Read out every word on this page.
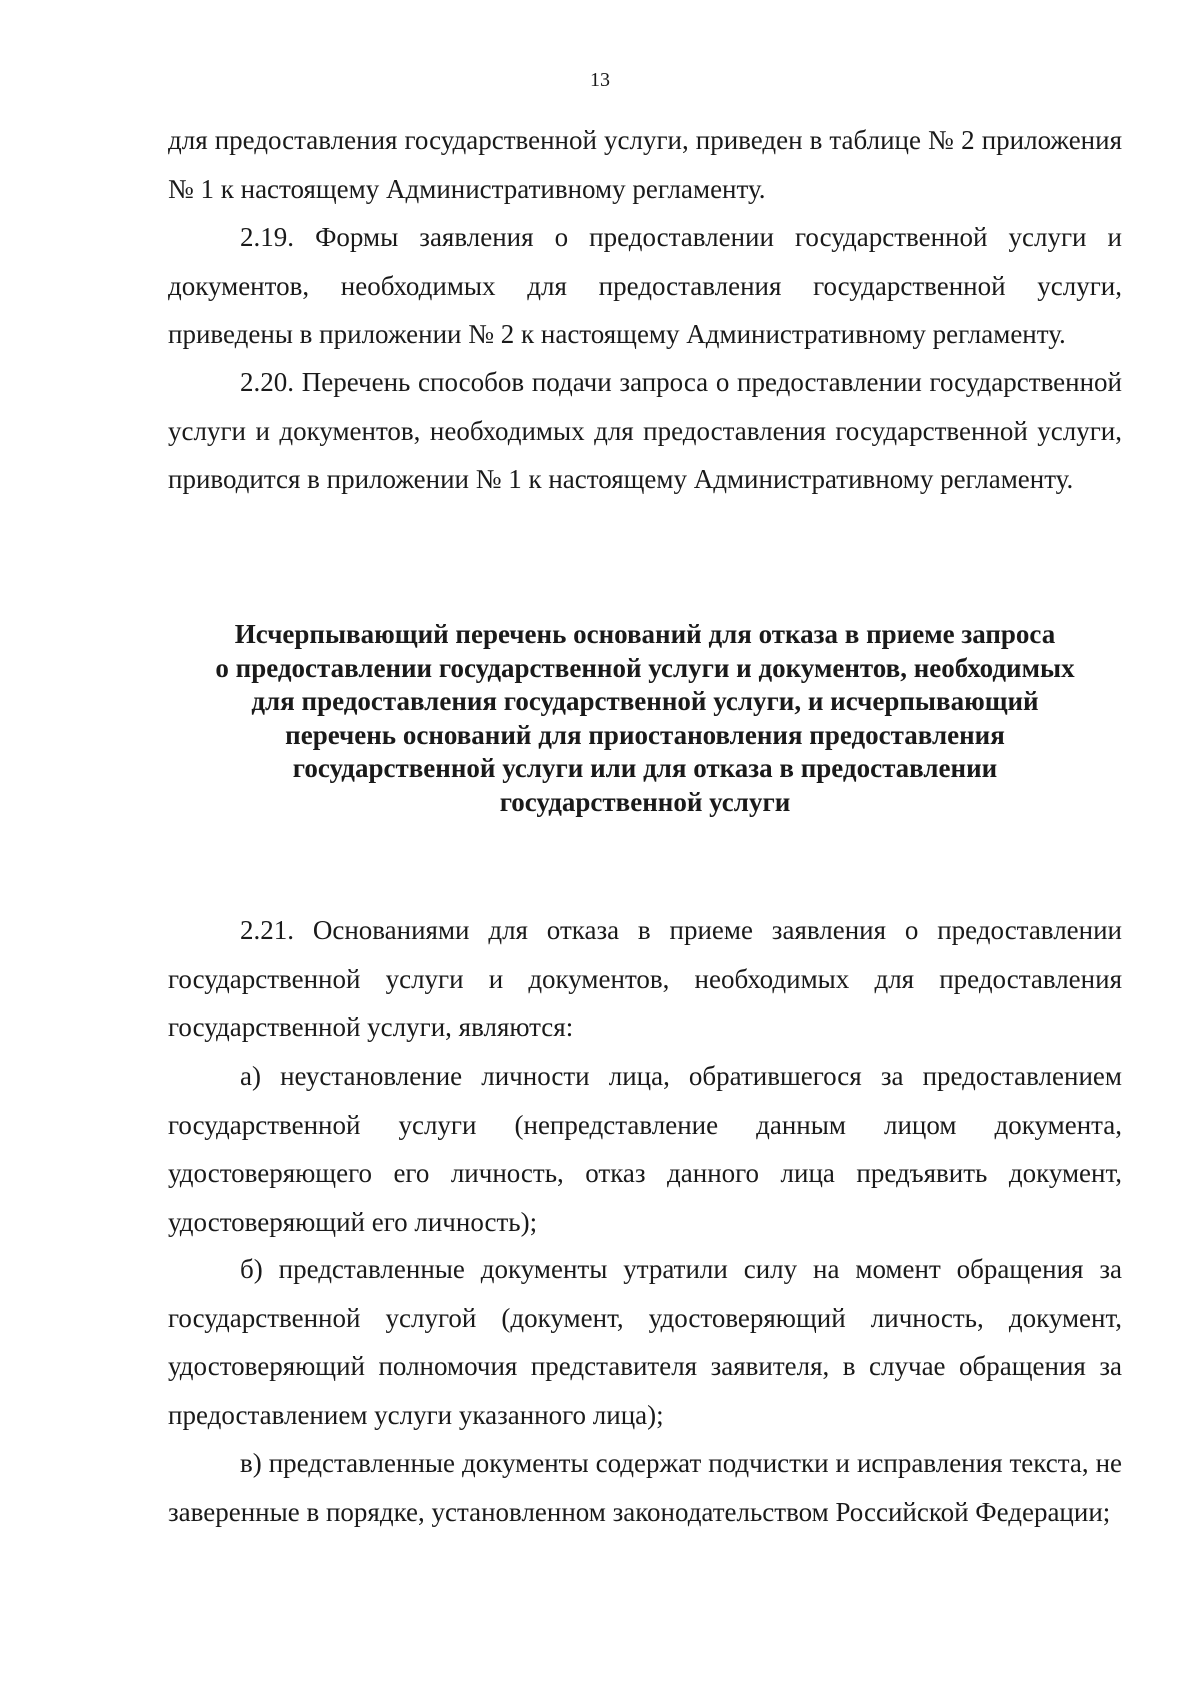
13

для предоставления государственной услуги, приведен в таблице № 2 приложения № 1 к настоящему Административному регламенту.

2.19. Формы заявления о предоставлении государственной услуги и документов, необходимых для предоставления государственной услуги, приведены в приложении № 2 к настоящему Административному регламенту.

2.20. Перечень способов подачи запроса о предоставлении государственной услуги и документов, необходимых для предоставления государственной услуги, приводится в приложении № 1 к настоящему Административному регламенту.

Исчерпывающий перечень оснований для отказа в приеме запроса
о предоставлении государственной услуги и документов, необходимых
для предоставления государственной услуги, и исчерпывающий
перечень оснований для приостановления предоставления
государственной услуги или для отказа в предоставлении
государственной услуги

2.21. Основаниями для отказа в приеме заявления о предоставлении государственной услуги и документов, необходимых для предоставления государственной услуги, являются:

а) неустановление личности лица, обратившегося за предоставлением государственной услуги (непредставление данным лицом документа, удостоверяющего его личность, отказ данного лица предъявить документ, удостоверяющий его личность);

б) представленные документы утратили силу на момент обращения за государственной услугой (документ, удостоверяющий личность, документ, удостоверяющий полномочия представителя заявителя, в случае обращения за предоставлением услуги указанного лица);

в) представленные документы содержат подчистки и исправления текста, не заверенные в порядке, установленном законодательством Российской Федерации;
